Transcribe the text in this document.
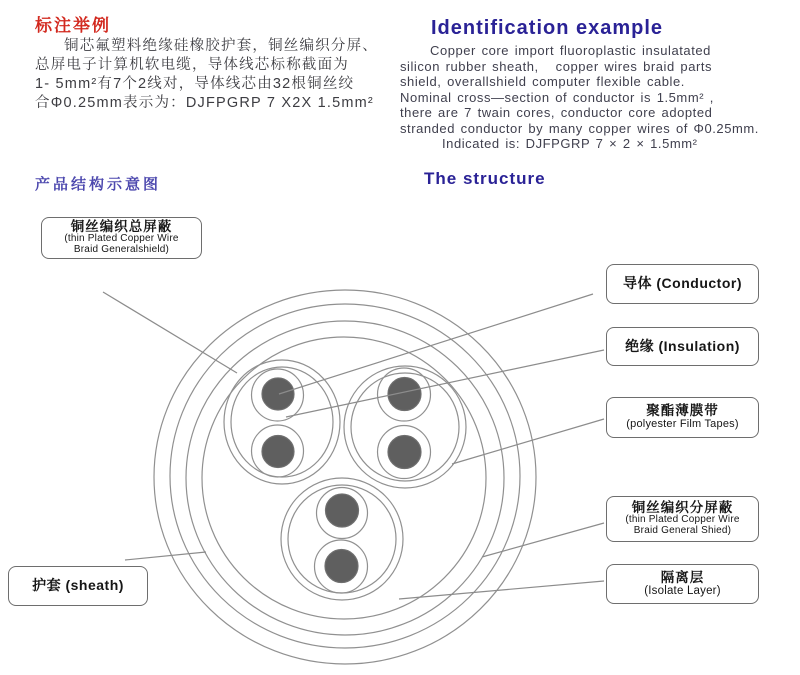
标注举例
铜芯氟塑料绝缘硅橡胶护套，铜丝编织分屏、
总屏电子计算机软电缆，导体线芯标称截面为
1- 5mm²有7个2线对，导体线芯由32根铜丝绞
合Φ0.25mm表示为：DJFPGRP 7 X2X 1.5mm²
Identification example
Copper core import fluoroplastic insulatated
silicon rubber sheath,   copper wires braid parts
shield, overallshield computer flexible cable.
Nominal cross—section of conductor is 1.5mm² ,
there are 7 twain cores, conductor core adopted
stranded conductor by many copper wires of Φ0.25mm.
Indicated is: DJFPGRP 7 × 2 × 1.5mm²
产品结构示意图	The structure
铜丝编织总屏蔽
(thin Plated Copper Wire
Braid Generalshield)
导体 (Conductor)
绝缘 (Insulation)
聚酯薄膜带
(polyester Film Tapes)
铜丝编织分屏蔽
(thin Plated Copper Wire
Braid General Shied)
隔离层
(Isolate Layer)
护套 (sheath)
